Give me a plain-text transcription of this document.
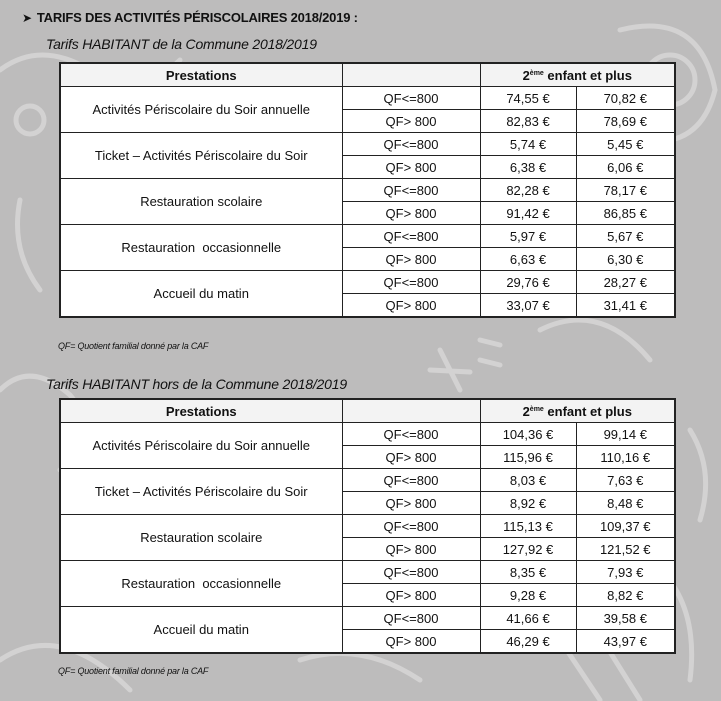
➤ TARIFS DES ACTIVITÉS PÉRISCOLAIRES 2018/2019 :
Tarifs HABITANT de la Commune 2018/2019
Prestations		2ème enfant et plus	
Activités Périscolaire du Soir annuelle	QF<=800	74,55 €	70,82 €
	QF> 800	82,83 €	78,69 €
Ticket – Activités Périscolaire du Soir	QF<=800	5,74 €	5,45 €
	QF> 800	6,38 €	6,06 €
Restauration scolaire	QF<=800	82,28 €	78,17 €
	QF> 800	91,42 €	86,85 €
Restauration  occasionnelle	QF<=800	5,97 €	5,67 €
	QF> 800	6,63 €	6,30 €
Accueil du matin	QF<=800	29,76 €	28,27 €
	QF> 800	33,07 €	31,41 €
QF= Quotient familial donné par la CAF
Tarifs HABITANT hors de la Commune 2018/2019
Prestations		2ème enfant et plus	
Activités Périscolaire du Soir annuelle	QF<=800	104,36 €	99,14 €
	QF> 800	115,96 €	110,16 €
Ticket – Activités Périscolaire du Soir	QF<=800	8,03 €	7,63 €
	QF> 800	8,92 €	8,48 €
Restauration scolaire	QF<=800	115,13 €	109,37 €
	QF> 800	127,92 €	121,52 €
Restauration  occasionnelle	QF<=800	8,35 €	7,93 €
	QF> 800	9,28 €	8,82 €
Accueil du matin	QF<=800	41,66 €	39,58 €
	QF> 800	46,29 €	43,97 €
QF= Quotient familial donné par la CAF
